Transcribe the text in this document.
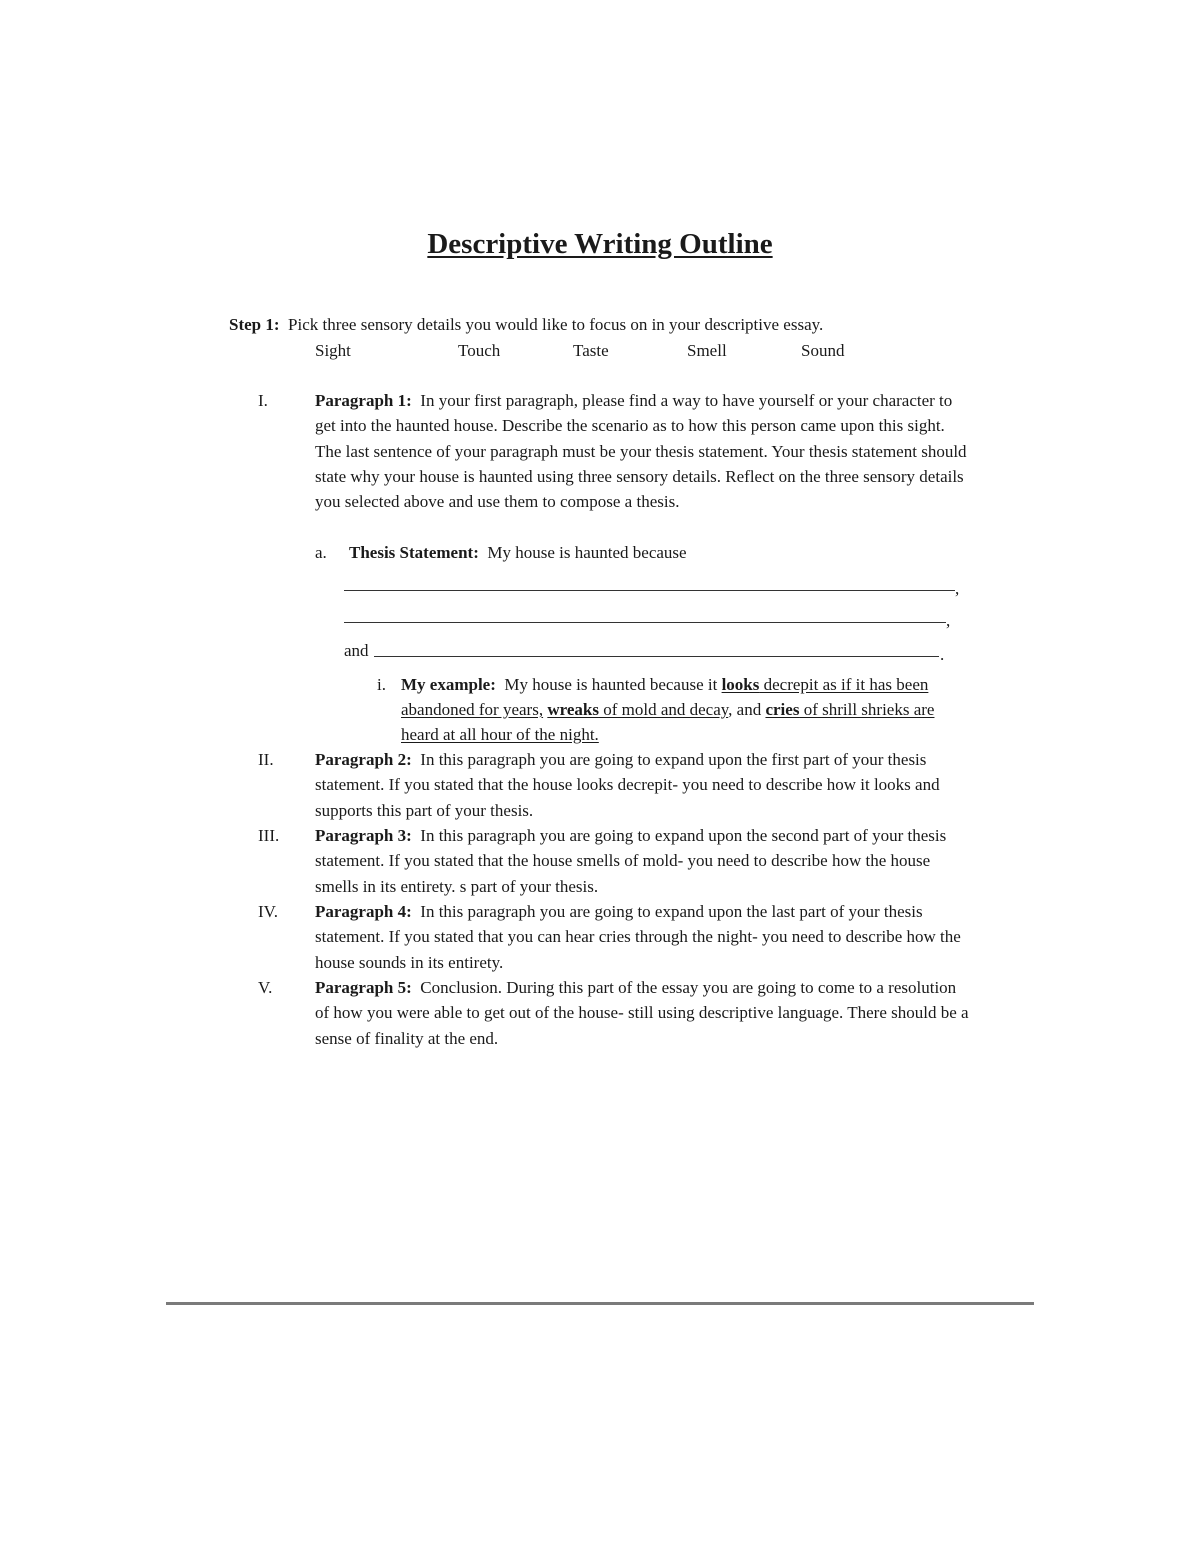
Descriptive Writing Outline
Step 1: Pick three sensory details you would like to focus on in your descriptive essay.
Sight	Touch	Taste	Smell	Sound
I.	Paragraph 1: In your first paragraph, please find a way to have yourself or your character to get into the haunted house. Describe the scenario as to how this person came upon this sight. The last sentence of your paragraph must be your thesis statement. Your thesis statement should state why your house is haunted using three sensory details. Reflect on the three sensory details you selected above and use them to compose a thesis.
a. Thesis Statement: My house is haunted because
,
,
and	.
i. My example: My house is haunted because it looks decrepit as if it has been abandoned for years, wreaks of mold and decay, and cries of shrill shrieks are heard at all hour of the night.
II. Paragraph 2: In this paragraph you are going to expand upon the first part of your thesis statement. If you stated that the house looks decrepit- you need to describe how it looks and supports this part of your thesis.
III. Paragraph 3: In this paragraph you are going to expand upon the second part of your thesis statement. If you stated that the house smells of mold- you need to describe how the house smells in its entirety. s part of your thesis.
IV. Paragraph 4: In this paragraph you are going to expand upon the last part of your thesis statement. If you stated that you can hear cries through the night- you need to describe how the house sounds in its entirety.
V.	Paragraph 5: Conclusion. During this part of the essay you are going to come to a resolution of how you were able to get out of the house- still using descriptive language. There should be a sense of finality at the end.
